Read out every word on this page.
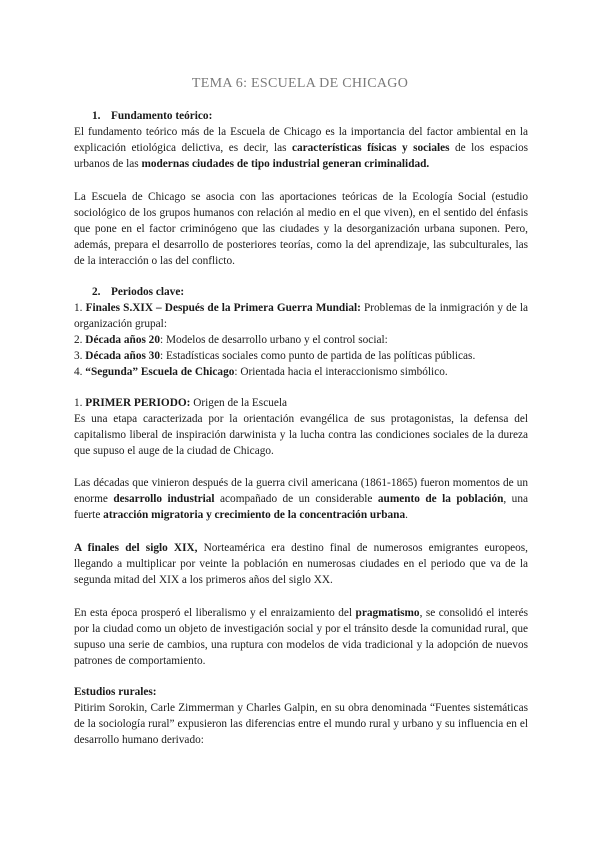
TEMA 6: ESCUELA DE CHICAGO
1. Fundamento teórico:
El fundamento teórico más de la Escuela de Chicago es la importancia del factor ambiental en la explicación etiológica delictiva, es decir, las características físicas y sociales de los espacios urbanos de las modernas ciudades de tipo industrial generan criminalidad.
La Escuela de Chicago se asocia con las aportaciones teóricas de la Ecología Social (estudio sociológico de los grupos humanos con relación al medio en el que viven), en el sentido del énfasis que pone en el factor criminógeno que las ciudades y la desorganización urbana suponen. Pero, además, prepara el desarrollo de posteriores teorías, como la del aprendizaje, las subculturales, las de la interacción o las del conflicto.
2. Periodos clave:

1. Finales S.XIX – Después de la Primera Guerra Mundial: Problemas de la inmigración y de la organización grupal:

2. Década años 20: Modelos de desarrollo urbano y el control social:

3. Década años 30: Estadísticas sociales como punto de partida de las políticas públicas.

4. “Segunda” Escuela de Chicago: Orientada hacia el interaccionismo simbólico.

1. PRIMER PERIODO: Origen de la Escuela
Es una etapa caracterizada por la orientación evangélica de sus protagonistas, la defensa del capitalismo liberal de inspiración darwinista y la lucha contra las condiciones sociales de la dureza que supuso el auge de la ciudad de Chicago.
Las décadas que vinieron después de la guerra civil americana (1861-1865) fueron momentos de un enorme desarrollo industrial acompañado de un considerable aumento de la población, una fuerte atracción migratoria y crecimiento de la concentración urbana.
A finales del siglo XIX, Norteamérica era destino final de numerosos emigrantes europeos, llegando a multiplicar por veinte la población en numerosas ciudades en el periodo que va de la segunda mitad del XIX a los primeros años del siglo XX.
En esta época prosperó el liberalismo y el enraizamiento del pragmatismo, se consolidó el interés por la ciudad como un objeto de investigación social y por el tránsito desde la comunidad rural, que supuso una serie de cambios, una ruptura con modelos de vida tradicional y la adopción de nuevos patrones de comportamiento.
Estudios rurales:
Pitirim Sorokin, Carle Zimmerman y Charles Galpin, en su obra denominada “Fuentes sistemáticas de la sociología rural” expusieron las diferencias entre el mundo rural y urbano y su influencia en el desarrollo humano derivado:
